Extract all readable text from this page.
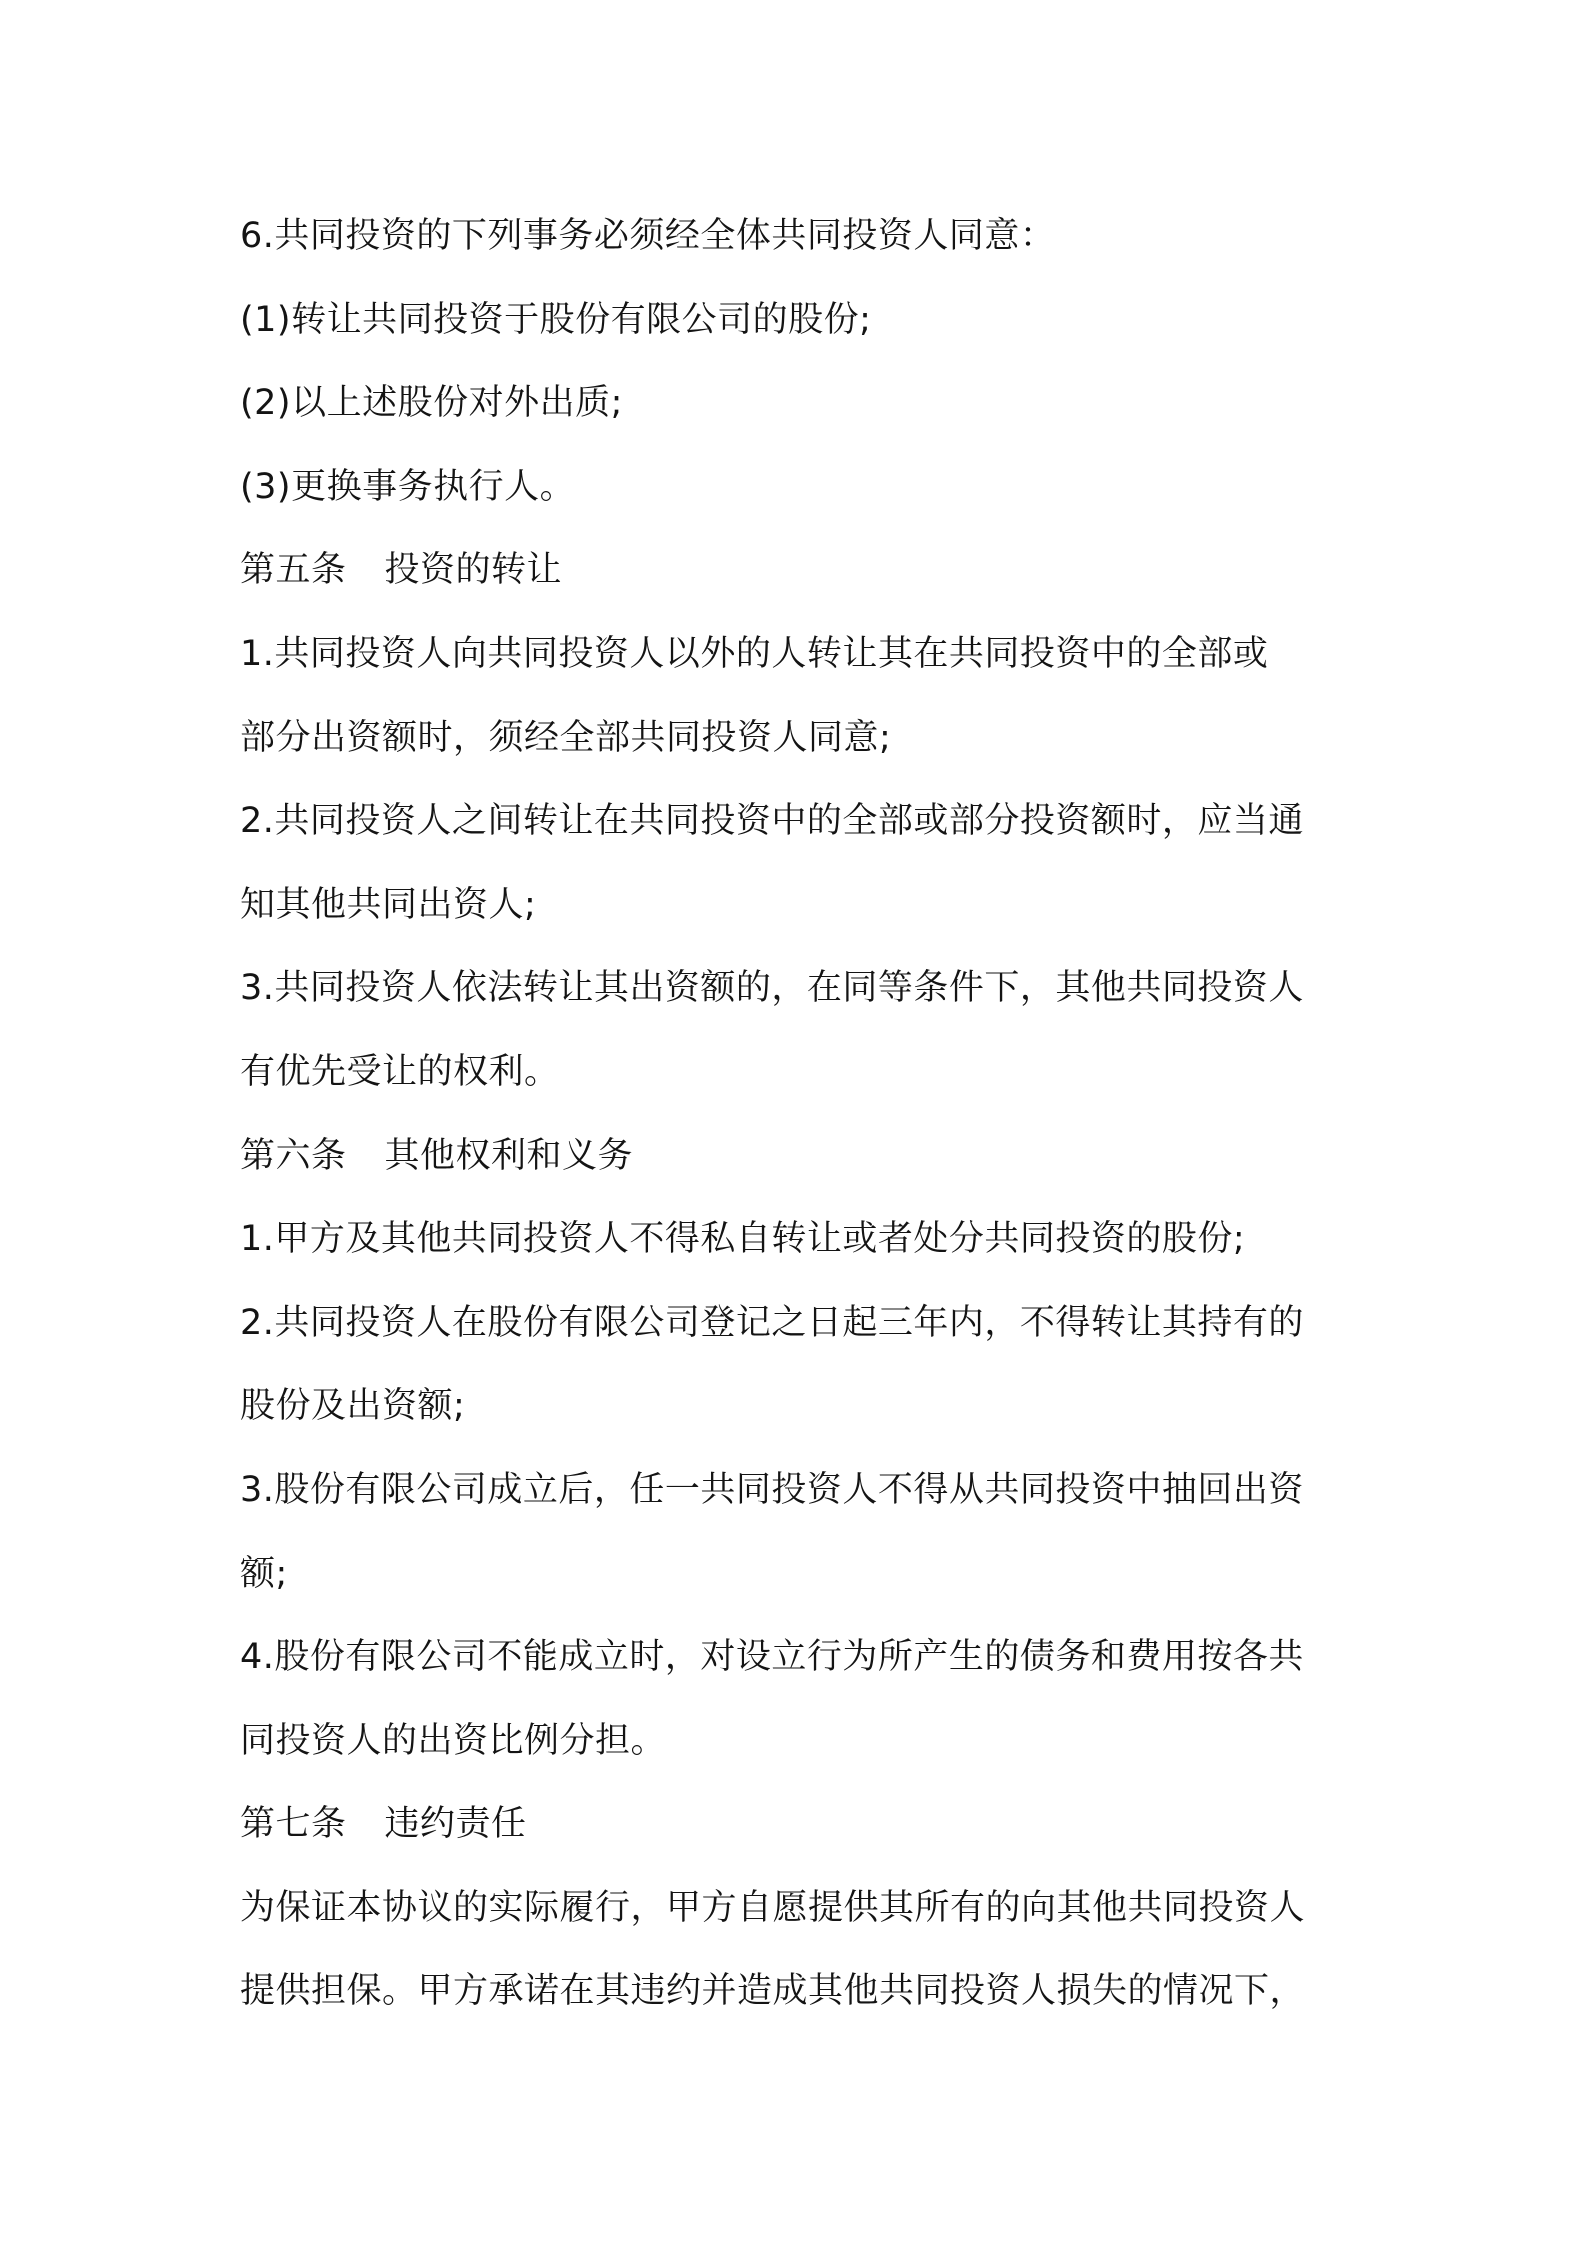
6.共同投资的下列事务必须经全体共同投资人同意：
(1)转让共同投资于股份有限公司的股份;
(2)以上述股份对外出质;
(3)更换事务执行人。
第五条 投资的转让
1.共同投资人向共同投资人以外的人转让其在共同投资中的全部或
部分出资额时，须经全部共同投资人同意;
2.共同投资人之间转让在共同投资中的全部或部分投资额时，应当通
知其他共同出资人;
3.共同投资人依法转让其出资额的，在同等条件下，其他共同投资人
有优先受让的权利。
第六条 其他权利和义务
1.甲方及其他共同投资人不得私自转让或者处分共同投资的股份;
2.共同投资人在股份有限公司登记之日起三年内，不得转让其持有的
股份及出资额;
3.股份有限公司成立后，任一共同投资人不得从共同投资中抽回出资
额;
4.股份有限公司不能成立时，对设立行为所产生的债务和费用按各共
同投资人的出资比例分担。
第七条 违约责任
为保证本协议的实际履行，甲方自愿提供其所有的向其他共同投资人
提供担保。甲方承诺在其违约并造成其他共同投资人损失的情况下，
